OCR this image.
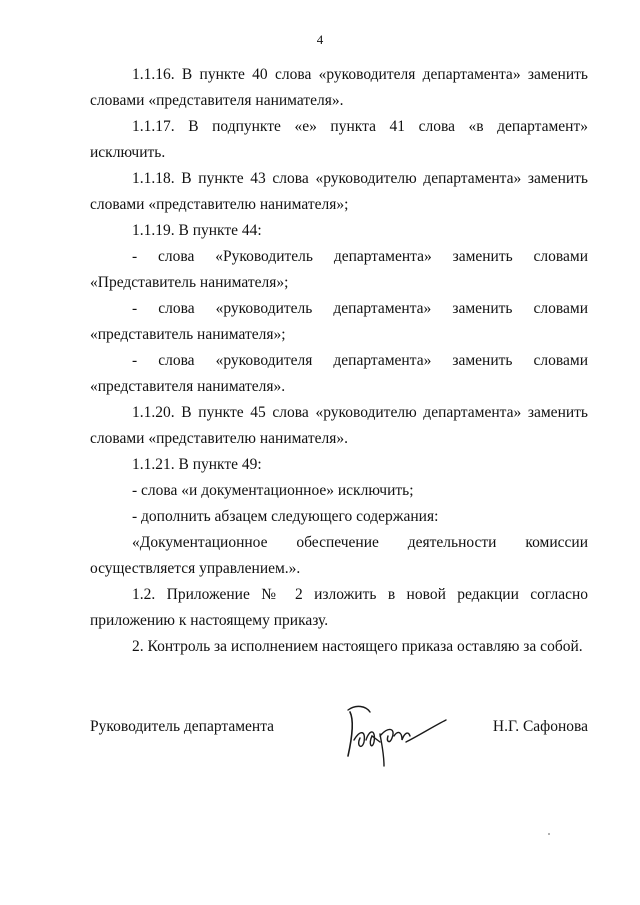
4

1.1.16. В пункте 40 слова «руководителя департамента» заменить словами «представителя нанимателя».

1.1.17. В подпункте «е» пункта 41 слова «в департамент» исключить.

1.1.18. В пункте 43 слова «руководителю департамента» заменить словами «представителю нанимателя»;

1.1.19. В пункте 44:

- слова «Руководитель департамента» заменить словами «Представитель нанимателя»;

- слова «руководитель департамента» заменить словами «представитель нанимателя»;

- слова «руководителя департамента» заменить словами «представителя нанимателя».

1.1.20. В пункте 45 слова «руководителю департамента» заменить словами «представителю нанимателя».

1.1.21. В пункте 49:

- слова «и документационное» исключить;

- дополнить абзацем следующего содержания:

«Документационное обеспечение деятельности комиссии осуществляется управлением.».

1.2. Приложение № 2 изложить в новой редакции согласно приложению к настоящему приказу.

2. Контроль за исполнением настоящего приказа оставляю за собой.

Руководитель департамента	Н.Г. Сафонова
